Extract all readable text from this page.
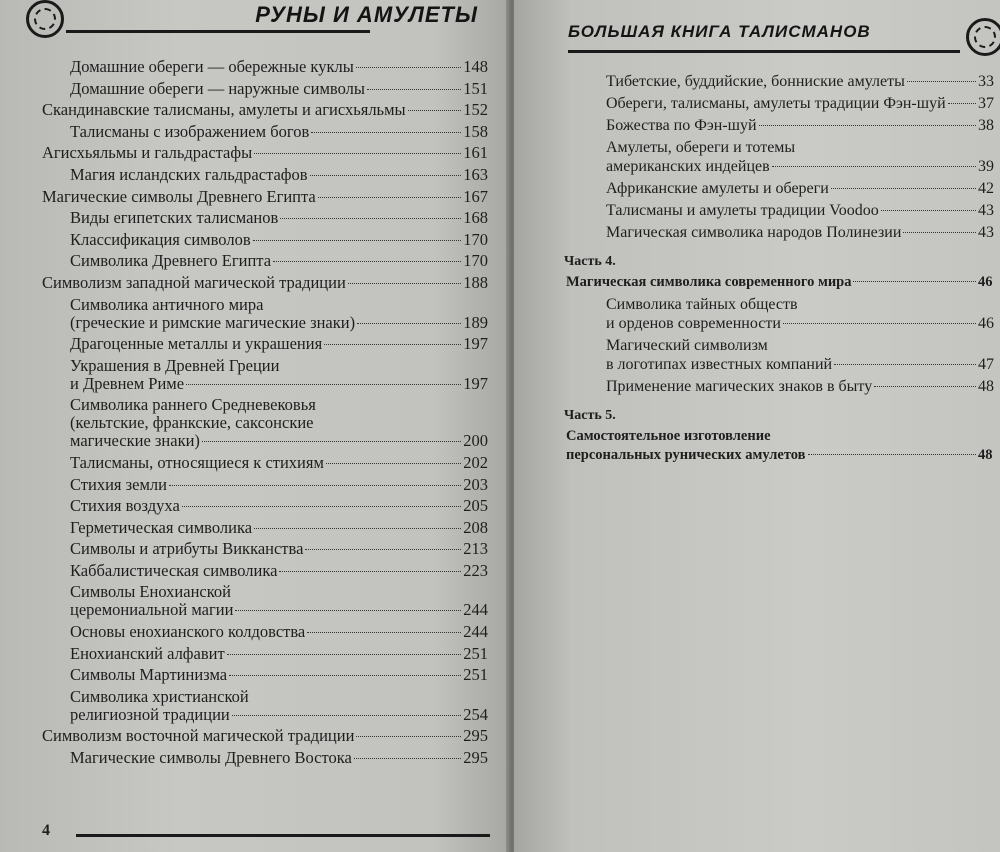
РУНЫ И АМУЛЕТЫ
4
БОЛЬШАЯ КНИГА ТАЛИСМАНОВ
Домашние обереги — обережные куклы	148
Домашние обереги — наружные символы	151
Скандинавские талисманы, амулеты и агисхьяльмы	152
Талисманы с изображением богов	158
Агисхьяльмы и гальдрастафы	161
Магия исландских гальдрастафов	163
Магические символы Древнего Египта	167
Виды египетских талисманов	168
Классификация символов	170
Символика Древнего Египта	170
Символизм западной магической традиции	188
Символика античного мира
(греческие и римские магические знаки)	189
Драгоценные металлы и украшения	197
Украшения в Древней Греции
и Древнем Риме	197
Символика раннего Средневековья
(кельтские, франкские, саксонские
магические знаки)	200
Талисманы, относящиеся к стихиям	202
Стихия земли	203
Стихия воздуха	205
Герметическая символика	208
Символы и атрибуты Викканства	213
Каббалистическая символика	223
Символы Енохианской
церемониальной магии	244
Основы енохианского колдовства	244
Енохианский алфавит	251
Символы Мартинизма	251
Символика христианской
религиозной традиции	254
Символизм восточной магической традиции	295
Магические символы Древнего Востока	295
Тибетские, буддийские, бонниские амулеты	33
Обереги, талисманы, амулеты традиции Фэн-шуй 37
Божества по Фэн-шуй	38
Амулеты, обереги и тотемы
американских индейцев	39
Африканские амулеты и обереги	42
Талисманы и амулеты традиции Voodoo	43
Магическая символика народов Полинезии	43
Часть 4.
Магическая символика современного мира	46
Символика тайных обществ
и орденов современности	46
Магический символизм
в логотипах известных компаний	47
Применение магических знаков в быту	48
Часть 5.
Самостоятельное изготовление
персональных рунических амулетов	48
